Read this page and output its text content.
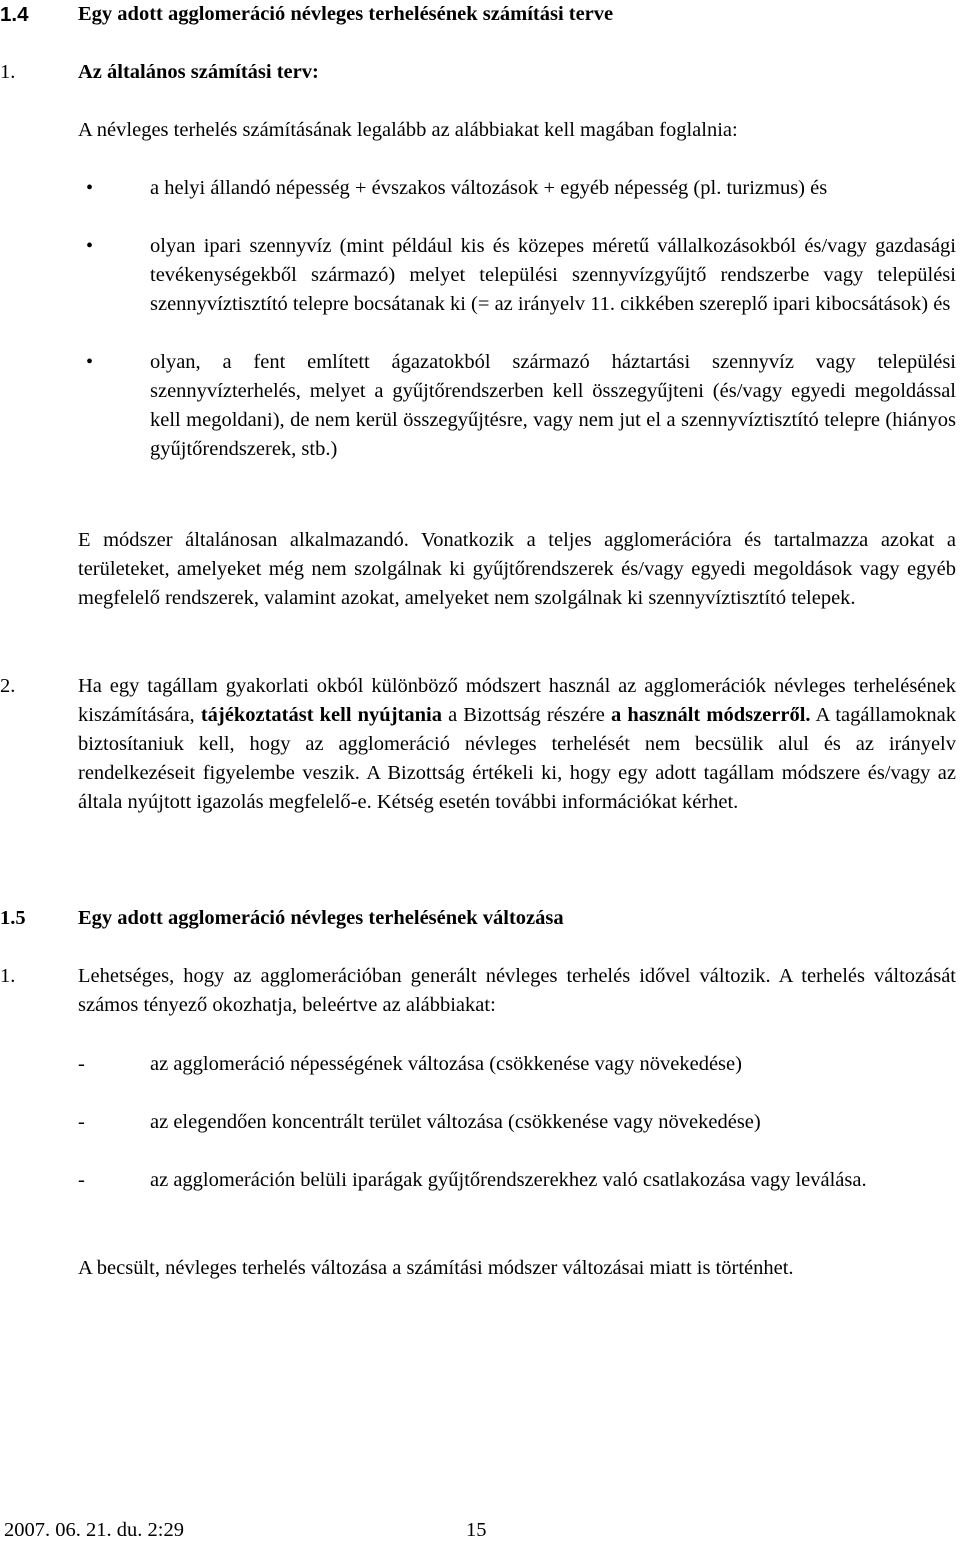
1.4 Egy adott agglomeráció névleges terhelésének számítási terve
1.	Az általános számítási terv:

A névleges terhelés számításának legalább az alábbiakat kell magában foglalnia:

•	a helyi állandó népesség + évszakos változások + egyéb népesség (pl. turizmus) és

•	olyan ipari szennyvíz (mint például kis és közepes méretű vállalkozásokból és/vagy gazdasági tevékenységekből származó) melyet települési szennyvízgyűjtő rendszerbe vagy települési szennyvíztisztító telepre bocsátanak ki (= az irányelv 11. cikkében szereplő ipari kibocsátások) és

•	olyan, a fent említett ágazatokból származó háztartási szennyvíz vagy települési szennyvízterhelés, melyet a gyűjtőrendszerben kell összegyűjteni (és/vagy egyedi megoldással kell megoldani), de nem kerül összegyűjtésre, vagy nem jut el a szennyvíztisztító telepre (hiányos gyűjtőrendszerek, stb.)

E módszer általánosan alkalmazandó. Vonatkozik a teljes agglomerációra és tartalmazza azokat a területeket, amelyeket még nem szolgálnak ki gyűjtőrendszerek és/vagy egyedi megoldások vagy egyéb megfelelő rendszerek, valamint azokat, amelyeket nem szolgálnak ki szennyvíztisztító telepek.

2.	Ha egy tagállam gyakorlati okból különböző módszert használ az agglomerációk névleges terhelésének kiszámítására, tájékoztatást kell nyújtania a Bizottság részére a használt módszerről. A tagállamoknak biztosítaniuk kell, hogy az agglomeráció névleges terhelését nem becsülik alul és az irányelv rendelkezéseit figyelembe veszik. A Bizottság értékeli ki, hogy egy adott tagállam módszere és/vagy az általa nyújtott igazolás megfelelő-e. Kétség esetén további információkat kérhet.

1.5	Egy adott agglomeráció névleges terhelésének változása
1.	Lehetséges, hogy az agglomerációban generált névleges terhelés idővel változik. A terhelés változását számos tényező okozhatja, beleértve az alábbiakat:

-	az agglomeráció népességének változása (csökkenése vagy növekedése)

-	az elegendően koncentrált terület változása (csökkenése vagy növekedése)

-	az agglomeráción belüli iparágak gyűjtőrendszerekhez való csatlakozása vagy leválása.

A becsült, névleges terhelés változása a számítási módszer változásai miatt is történhet.

2007. 06. 21. du. 2:29	15
